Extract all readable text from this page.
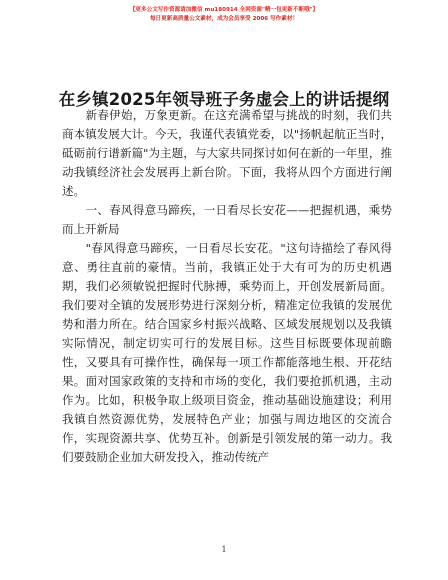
【更多公文写作资源请加微信 mu180914 全网资源"精一包更新不断哦"】
每日更新高质量公文素材，成为会员享受 2006 写作素材！
在乡镇2025年领导班子务虚会上的讲话提纲

　　新春伊始，万象更新。在这充满希望与挑战的时刻，我们共商本镇发展大计。今天，我谨代表镇党委，以"扬帆起航正当时，砥砺前行谱新篇"为主题，与大家共同探讨如何在新的一年里，推动我镇经济社会发展再上新台阶。下面，我将从四个方面进行阐述。

　　一、春风得意马蹄疾，一日看尽长安花——把握机遇，乘势而上开新局

　　"春风得意马蹄疾，一日看尽长安花。"这句诗描绘了春风得意、勇往直前的豪情。当前，我镇正处于大有可为的历史机遇期，我们必须敏锐把握时代脉搏，乘势而上，开创发展新局面。我们要对全镇的发展形势进行深刻分析，精准定位我镇的发展优势和潜力所在。结合国家乡村振兴战略、区域发展规划以及我镇实际情况，制定切实可行的发展目标。这些目标既要体现前瞻性，又要具有可操作性，确保每一项工作都能落地生根、开花结果。面对国家政策的支持和市场的变化，我们要抢抓机遇，主动作为。比如，积极争取上级项目资金，推动基础设施建设；利用我镇自然资源优势，发展特色产业；加强与周边地区的交流合作，实现资源共享、优势互补。创新是引领发展的第一动力。我们要鼓励企业加大研发投入，推动传统产

1
